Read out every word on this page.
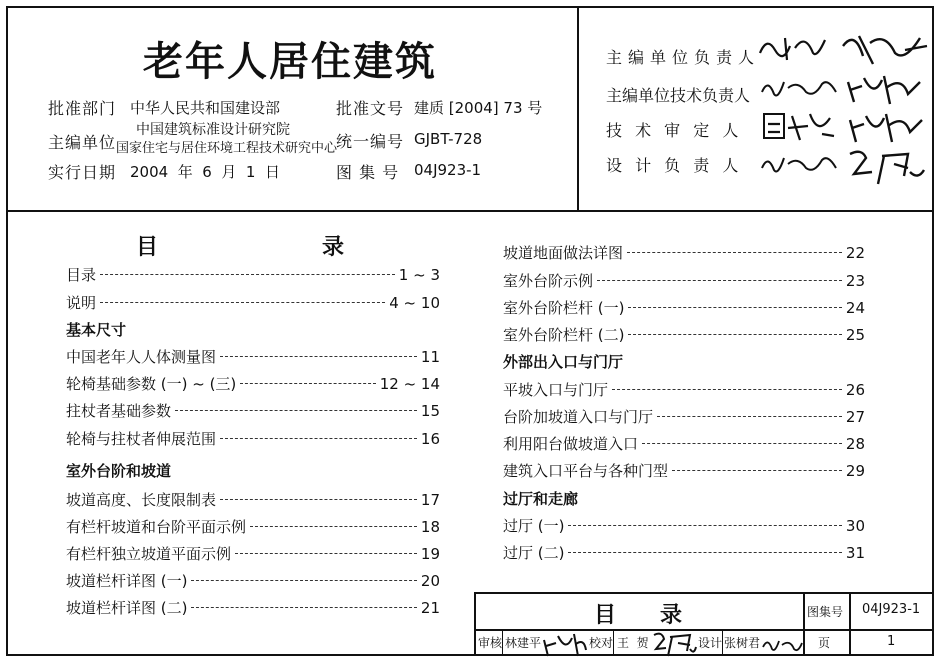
老年人居住建筑
批准部门 中华人民共和国建设部	批准文号 建质 [2004] 73 号
主编单位
中国建筑标准设计研究院
国家住宅与居住环境工程技术研究中心
统一编号 GJBT-728
实行日期 2004  年  6  月  1  日	图 集 号 04J923-1
主编单位负责人
主编单位技术负责人
技 术 审 定 人
设 计 负 责 人
目	录
目录	1 ~ 3
说明	4 ~ 10
基本尺寸
中国老年人人体测量图	11
轮椅基础参数 (一) ~ (三)	12 ~ 14
拄杖者基础参数	15
轮椅与拄杖者伸展范围	16
室外台阶和坡道
坡道高度、长度限制表	17
有栏杆坡道和台阶平面示例	18
有栏杆独立坡道平面示例	19
坡道栏杆详图 (一)	20
坡道栏杆详图 (二)	21
坡道地面做法详图	22
室外台阶示例	23
室外台阶栏杆 (一)	24
室外台阶栏杆 (二)	25
外部出入口与门厅
平坡入口与门厅	26
台阶加坡道入口与门厅	27
利用阳台做坡道入口	28
建筑入口平台与各种门型	29
过厅和走廊
过厅 (一)	30
过厅 (二)	31
目 录	图集号 04J923-1
审核 林建平	校对 王  贺	设计 张树君	页	1
